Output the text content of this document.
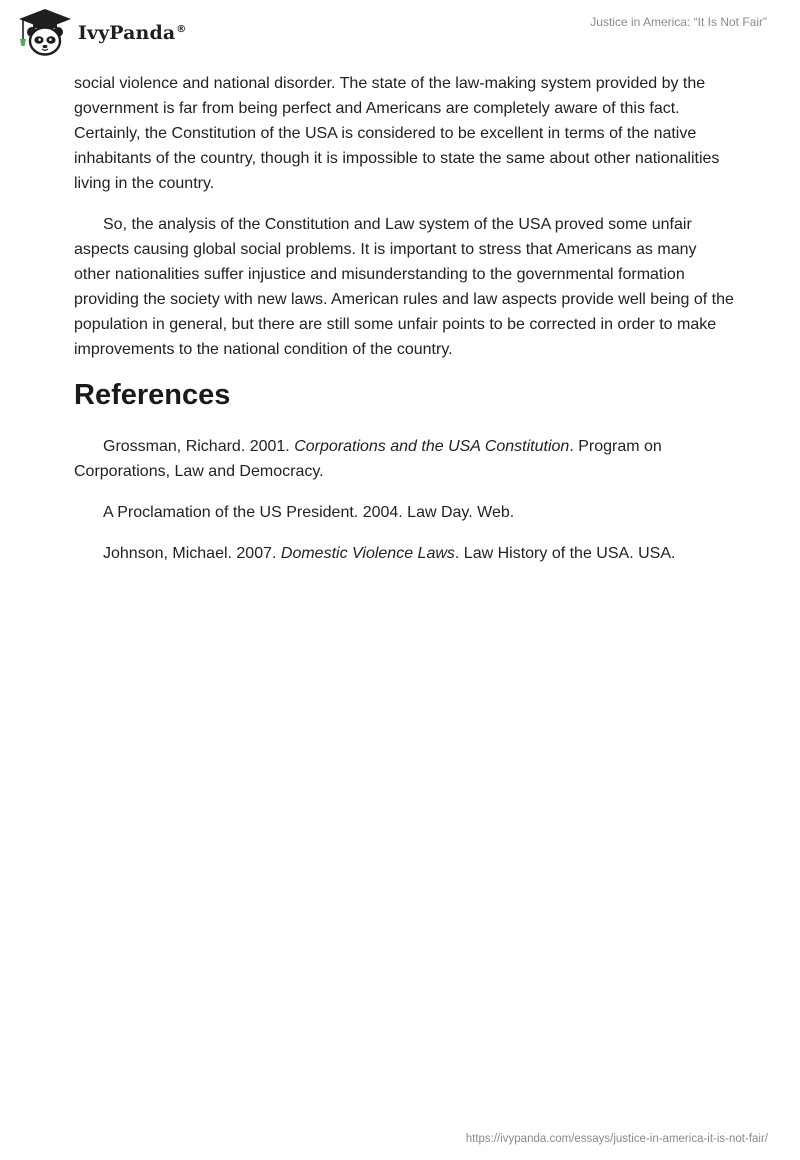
IvyPanda®
Justice in America: “It Is Not Fair”

social violence and national disorder. The state of the law-making system provided by the government is far from being perfect and Americans are completely aware of this fact. Certainly, the Constitution of the USA is considered to be excellent in terms of the native inhabitants of the country, though it is impossible to state the same about other nationalities living in the country.

So, the analysis of the Constitution and Law system of the USA proved some unfair aspects causing global social problems. It is important to stress that Americans as many other nationalities suffer injustice and misunderstanding to the governmental formation providing the society with new laws. American rules and law aspects provide well being of the population in general, but there are still some unfair points to be corrected in order to make improvements to the national condition of the country.

References

Grossman, Richard. 2001. Corporations and the USA Constitution. Program on Corporations, Law and Democracy.

A Proclamation of the US President. 2004. Law Day. Web.

Johnson, Michael. 2007. Domestic Violence Laws. Law History of the USA. USA.

https://ivypanda.com/essays/justice-in-america-it-is-not-fair/
